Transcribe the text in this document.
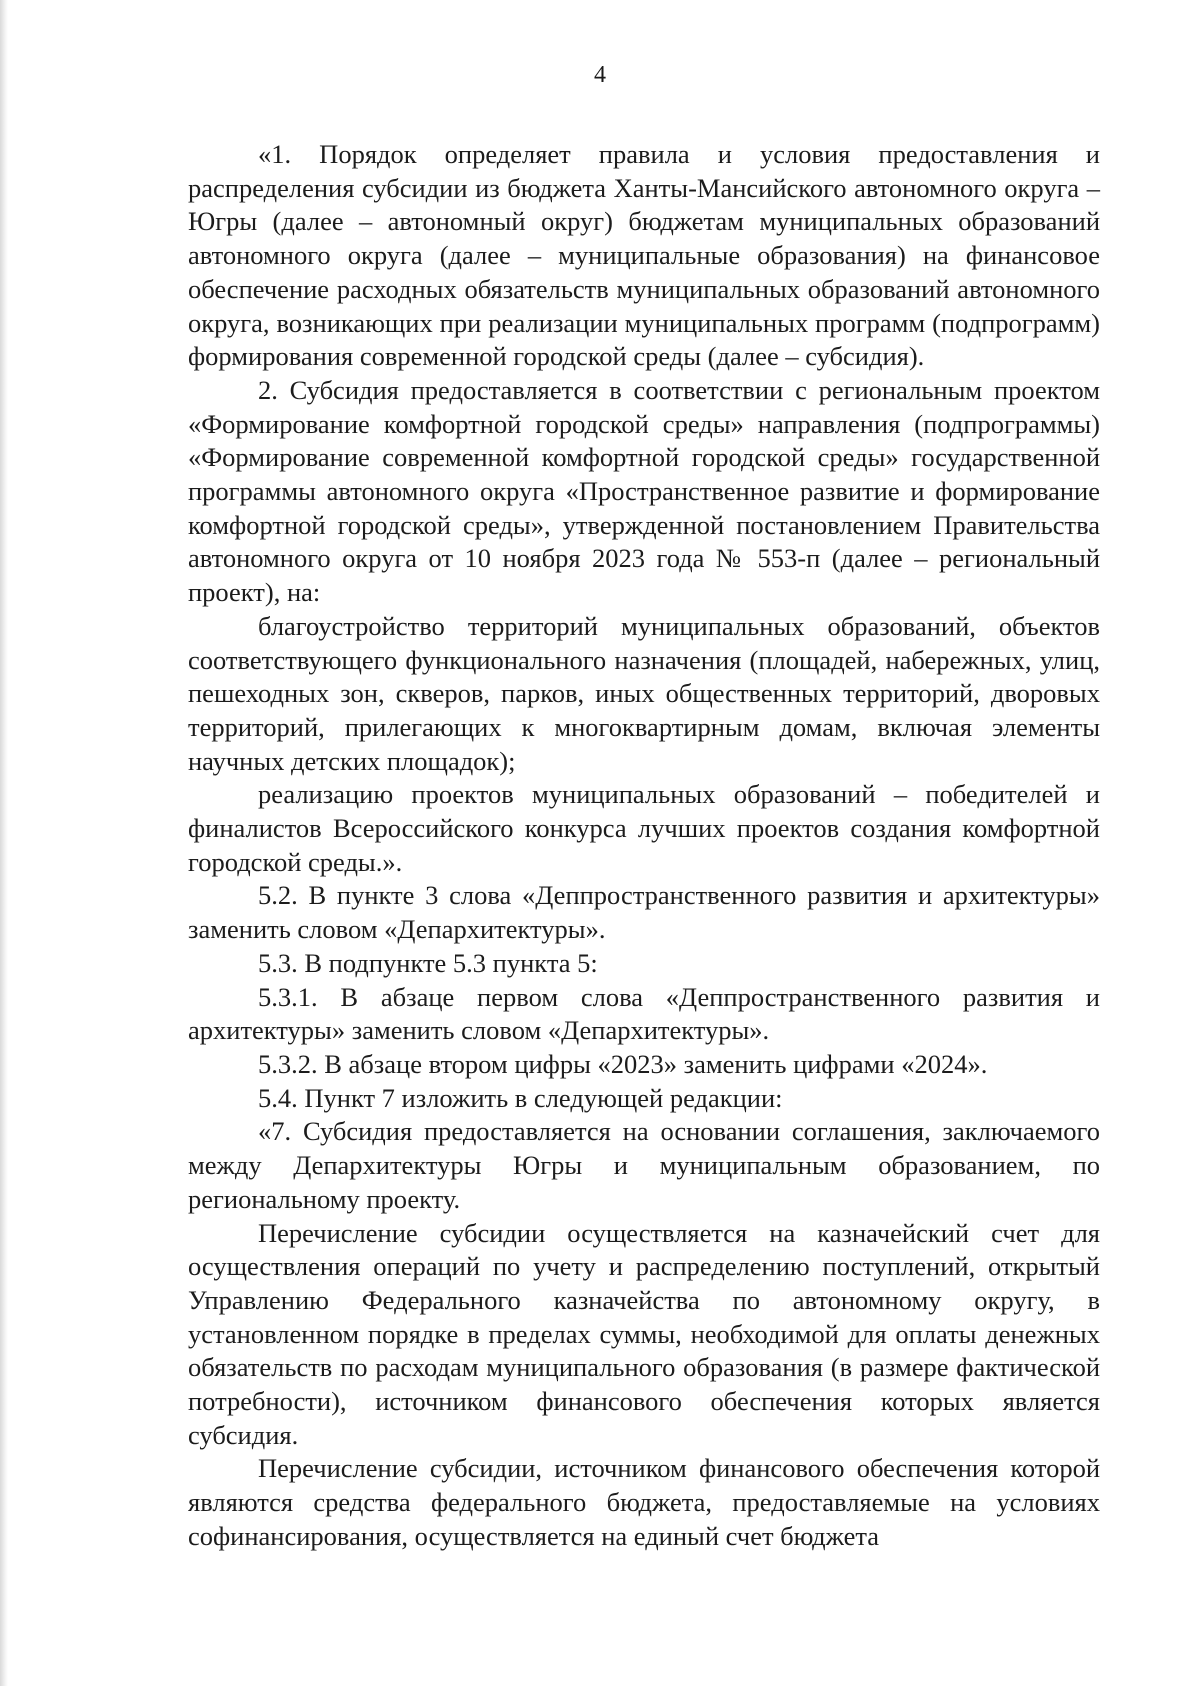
4

«1. Порядок определяет правила и условия предоставления и распределения субсидии из бюджета Ханты-Мансийского автономного округа – Югры (далее – автономный округ) бюджетам муниципальных образований автономного округа (далее – муниципальные образования) на финансовое обеспечение расходных обязательств муниципальных образований автономного округа, возникающих при реализации муниципальных программ (подпрограмм) формирования современной городской среды (далее – субсидия).

2. Субсидия предоставляется в соответствии с региональным проектом «Формирование комфортной городской среды» направления (подпрограммы) «Формирование современной комфортной городской среды» государственной программы автономного округа «Пространственное развитие и формирование комфортной городской среды», утвержденной постановлением Правительства автономного округа от 10 ноября 2023 года № 553-п (далее – региональный проект), на:

благоустройство территорий муниципальных образований, объектов соответствующего функционального назначения (площадей, набережных, улиц, пешеходных зон, скверов, парков, иных общественных территорий, дворовых территорий, прилегающих к многоквартирным домам, включая элементы научных детских площадок);

реализацию проектов муниципальных образований – победителей и финалистов Всероссийского конкурса лучших проектов создания комфортной городской среды.».

5.2. В пункте 3 слова «Деппространственного развития и архитектуры» заменить словом «Депархитектуры».

5.3. В подпункте 5.3 пункта 5:

5.3.1. В абзаце первом слова «Деппространственного развития и архитектуры» заменить словом «Депархитектуры».

5.3.2. В абзаце втором цифры «2023» заменить цифрами «2024».

5.4. Пункт 7 изложить в следующей редакции:

«7. Субсидия предоставляется на основании соглашения, заключаемого между Депархитектуры Югры и муниципальным образованием, по региональному проекту.

Перечисление субсидии осуществляется на казначейский счет для осуществления операций по учету и распределению поступлений, открытый Управлению Федерального казначейства по автономному округу, в установленном порядке в пределах суммы, необходимой для оплаты денежных обязательств по расходам муниципального образования (в размере фактической потребности), источником финансового обеспечения которых является субсидия.

Перечисление субсидии, источником финансового обеспечения которой являются средства федерального бюджета, предоставляемые на условиях софинансирования, осуществляется на единый счет бюджета
